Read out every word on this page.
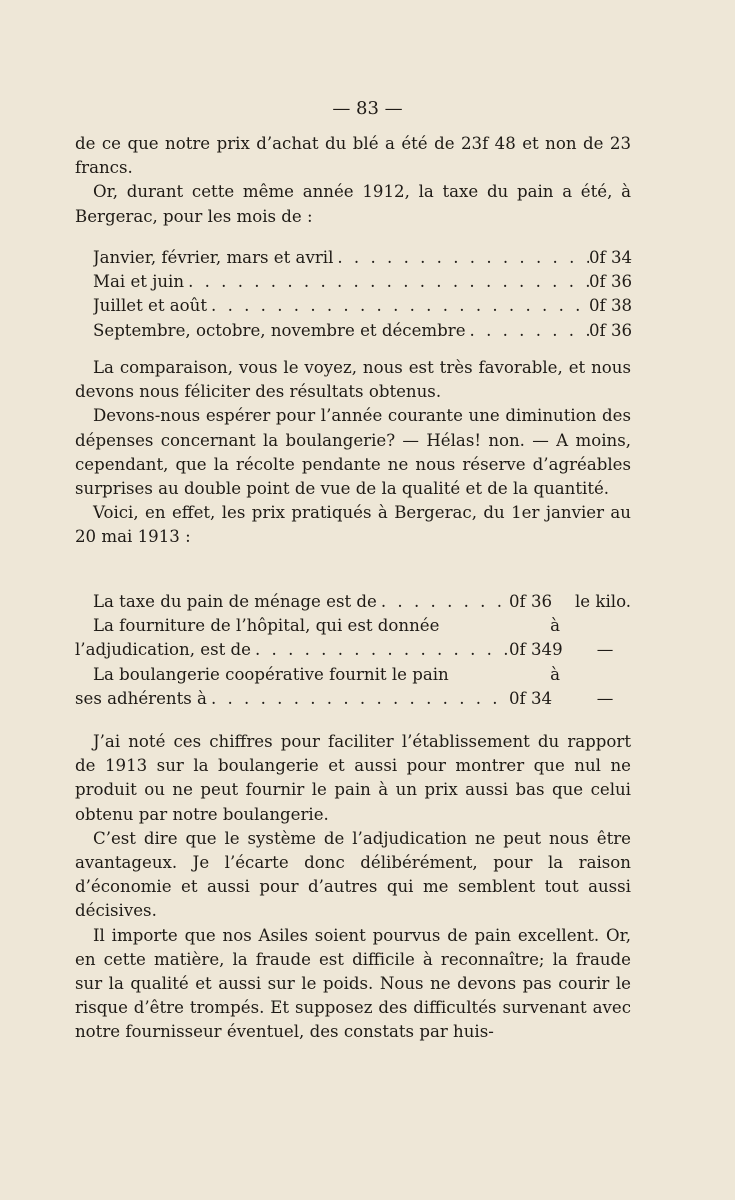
— 83 —

de ce que notre prix d’achat du blé a été de 23f 48 et non de 23 francs.

Or, durant cette même année 1912, la taxe du pain a été, à Bergerac, pour les mois de :

Janvier, février, mars et avril . . .	0f 34
Mai et juin . . .	0f 36
Juillet et août . . .	0f 38
Septembre, octobre, novembre et décembre . . .	0f 36

La comparaison, vous le voyez, nous est très favorable, et nous devons nous féliciter des résultats obtenus.

Devons-nous espérer pour l’année courante une diminution des dépenses concernant la boulangerie? — Hélas! non. — A moins, cependant, que la récolte pendante ne nous réserve d’agréables surprises au double point de vue de la qualité et de la quantité.

Voici, en effet, les prix pratiqués à Bergerac, du 1er janvier au 20 mai 1913 :

La taxe du pain de ménage est de . . .	0f 36	le kilo.
La fourniture de l’hôpital, qui est donnée	à
l’adjudication, est de . . .	0f 349	—
La boulangerie coopérative fournit le pain	à
ses adhérents à . . .	0f 34	—

J’ai noté ces chiffres pour faciliter l’établissement du rapport de 1913 sur la boulangerie et aussi pour montrer que nul ne produit ou ne peut fournir le pain à un prix aussi bas que celui obtenu par notre boulangerie.

C’est dire que le système de l’adjudication ne peut nous être avantageux. Je l’écarte donc délibérément, pour la raison d’économie et aussi pour d’autres qui me semblent tout aussi décisives.

Il importe que nos Asiles soient pourvus de pain excellent. Or, en cette matière, la fraude est difficile à reconnaître; la fraude sur la qualité et aussi sur le poids. Nous ne devons pas courir le risque d’être trompés. Et supposez des difficultés survenant avec notre fournisseur éventuel, des constats par huis-
